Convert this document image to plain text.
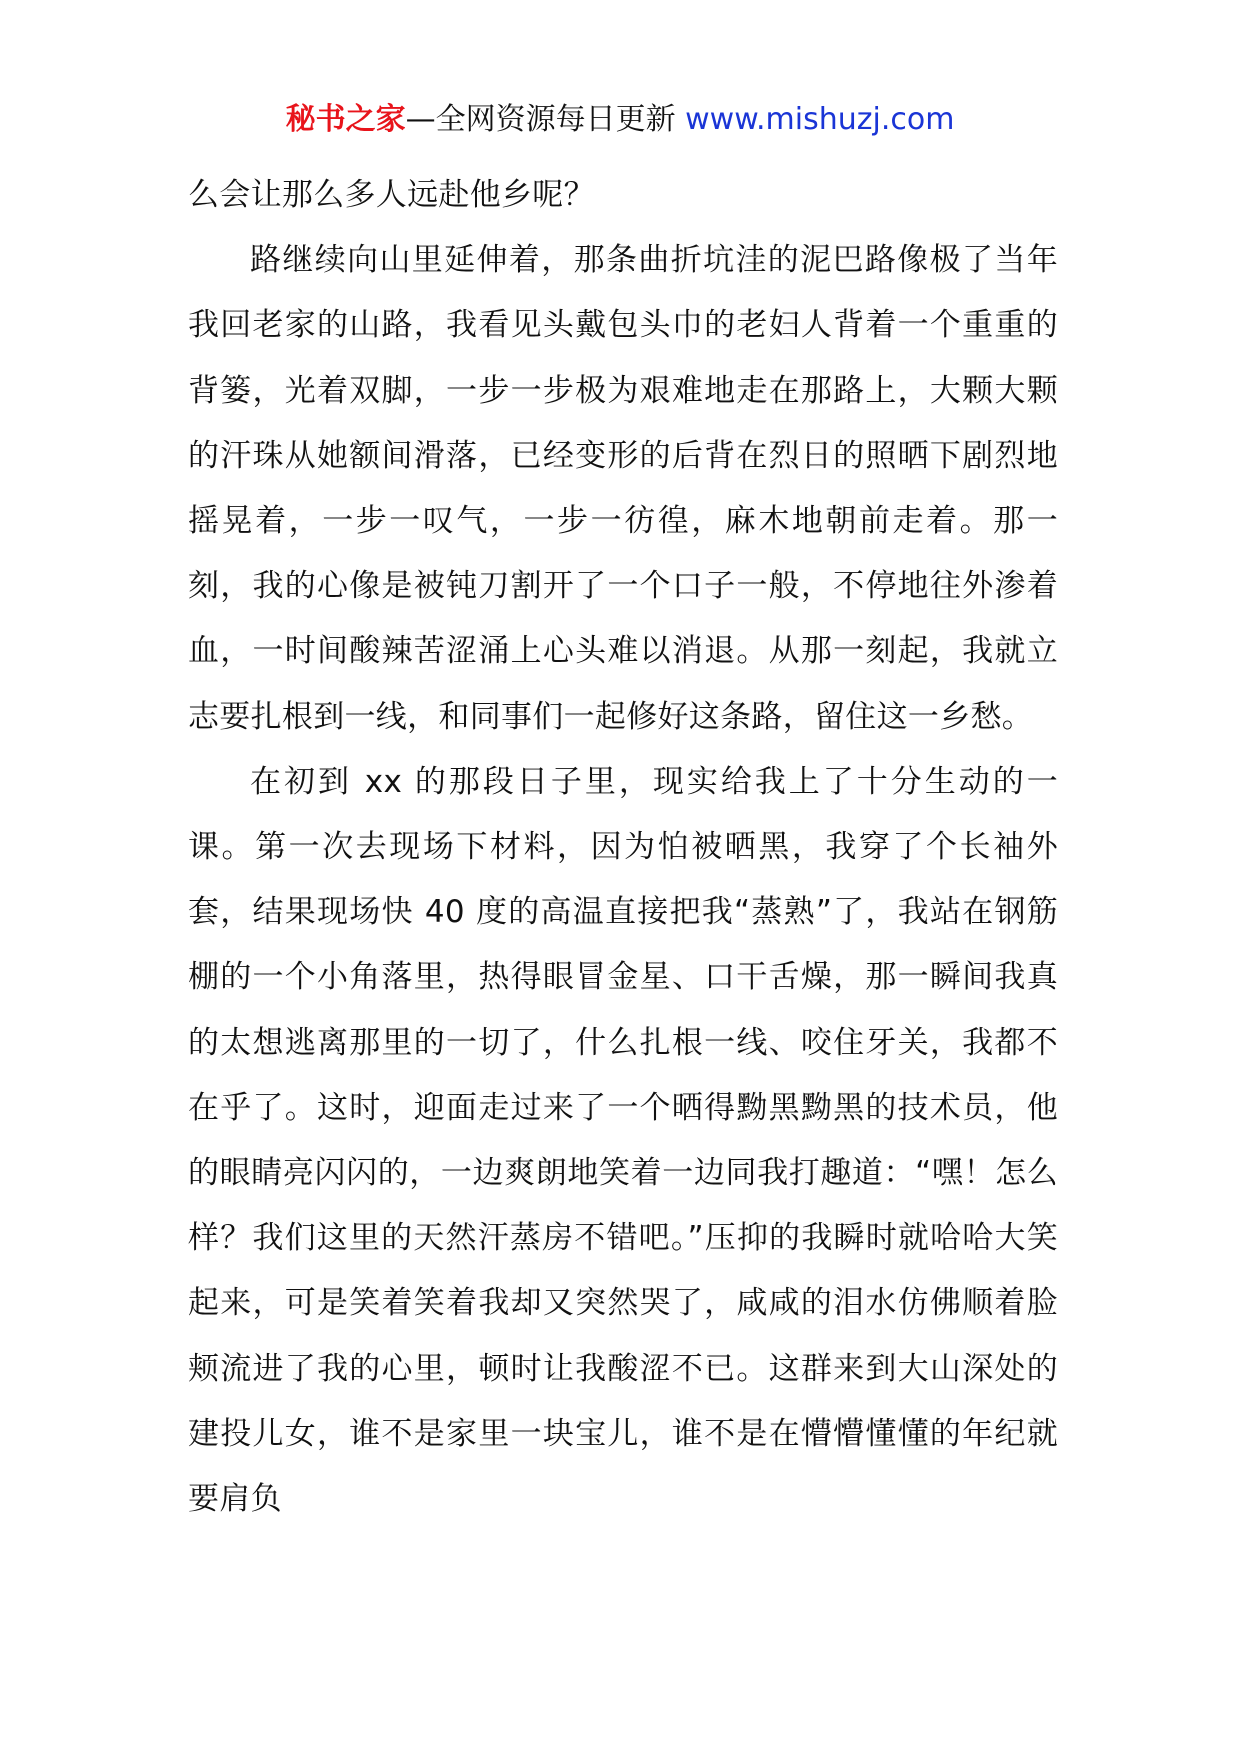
秘书之家—全网资源每日更新 www.mishuzj.com

么会让那么多人远赴他乡呢？

路继续向山里延伸着，那条曲折坑洼的泥巴路像极了当年我回老家的山路，我看见头戴包头巾的老妇人背着一个重重的背篓，光着双脚，一步一步极为艰难地走在那路上，大颗大颗的汗珠从她额间滑落，已经变形的后背在烈日的照晒下剧烈地摇晃着，一步一叹气，一步一彷徨，麻木地朝前走着。那一刻，我的心像是被钝刀割开了一个口子一般，不停地往外渗着血，一时间酸辣苦涩涌上心头难以消退。从那一刻起，我就立志要扎根到一线，和同事们一起修好这条路，留住这一乡愁。

在初到 xx 的那段日子里，现实给我上了十分生动的一课。第一次去现场下材料，因为怕被晒黑，我穿了个长袖外套，结果现场快 40 度的高温直接把我“蒸熟”了，我站在钢筋棚的一个小角落里，热得眼冒金星、口干舌燥，那一瞬间我真的太想逃离那里的一切了，什么扎根一线、咬住牙关，我都不在乎了。这时，迎面走过来了一个晒得黝黑黝黑的技术员，他的眼睛亮闪闪的，一边爽朗地笑着一边同我打趣道：“嘿！怎么样？我们这里的天然汗蒸房不错吧。”压抑的我瞬时就哈哈大笑起来，可是笑着笑着我却又突然哭了，咸咸的泪水仿佛顺着脸颊流进了我的心里，顿时让我酸涩不已。这群来到大山深处的建投儿女，谁不是家里一块宝儿，谁不是在懵懵懂懂的年纪就要肩负
